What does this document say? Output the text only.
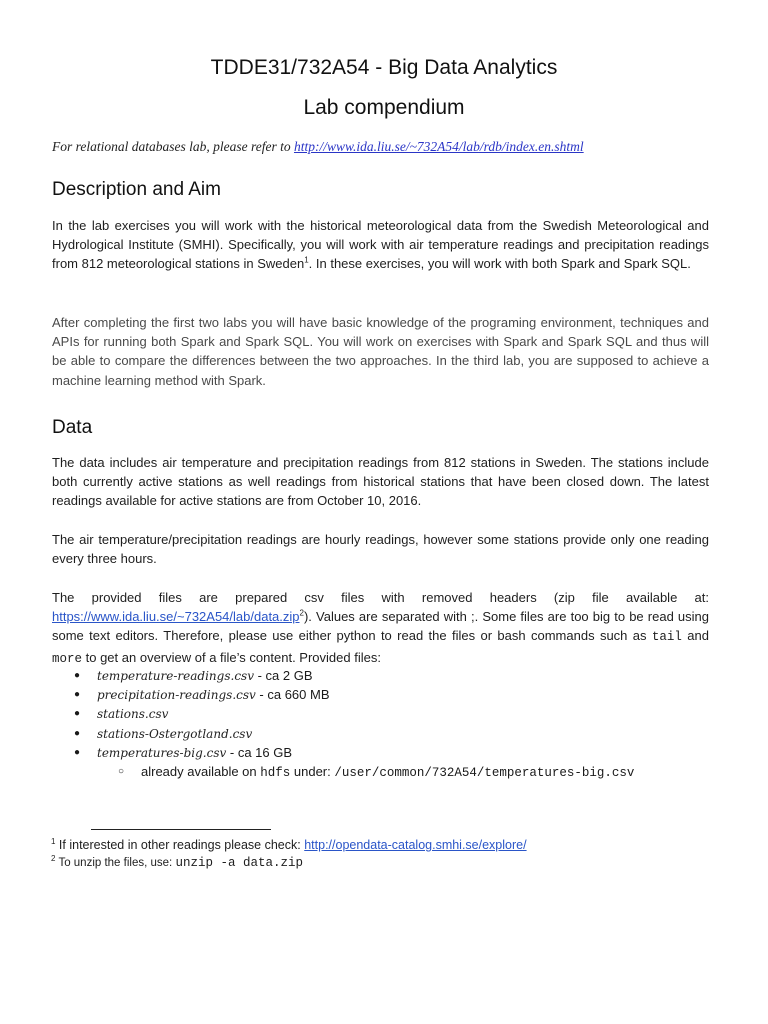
TDDE31/732A54 - Big Data Analytics
Lab compendium
For relational databases lab, please refer to http://www.ida.liu.se/~732A54/lab/rdb/index.en.shtml
Description and Aim

In the lab exercises you will work with the historical meteorological data from the Swedish Meteorological and Hydrological Institute (SMHI). Specifically, you will work with air temperature readings and precipitation readings from 812 meteorological stations in Sweden$^1$. In these exercises, you will work with both Spark and Spark SQL.

After completing the first two labs you will have basic knowledge of the programing environment, techniques and APIs for running both Spark and Spark SQL. You will work on exercises with Spark and Spark SQL and thus will be able to compare the differences between the two approaches. In the third lab, you are supposed to achieve a machine learning method with Spark.

Data

The data includes air temperature and precipitation readings from 812 stations in Sweden. The stations include both currently active stations as well readings from historical stations that have been closed down. The latest readings available for active stations are from October 10, 2016.

The air temperature/precipitation readings are hourly readings, however some stations provide only one reading every three hours.

The provided files are prepared csv files with removed headers (zip file available at: https://www.ida.liu.se/~732A54/lab/data.zip$^2$). Values are separated with ;. Some files are too big to be read using some text editors. Therefore, please use either python to read the files or bash commands such as tail and more to get an overview of a file’s content. Provided files:

● temperature-readings.csv - ca 2 GB
● precipitation-readings.csv - ca 660 MB
● stations.csv
● stations-Ostergotland.csv
● temperatures-big.csv - ca 16 GB
○ already available on hdfs under: /user/common/732A54/temperatures-big.csv
$^1$ If interested in other readings please check: http://opendata-catalog.smhi.se/explore/
$^2$ To unzip the files, use: unzip -a data.zip
